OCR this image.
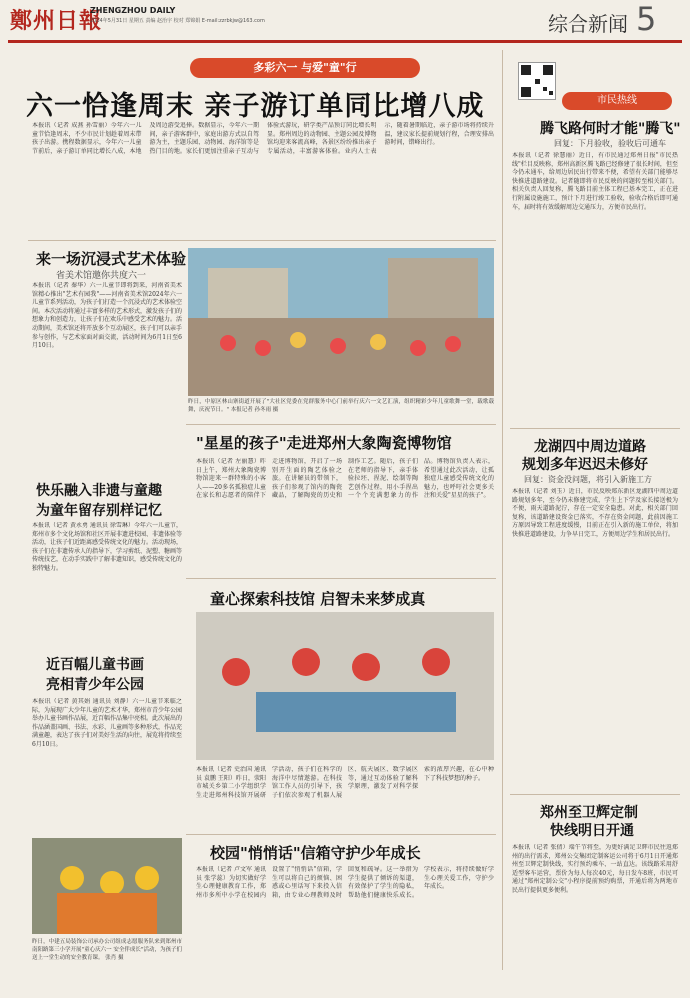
鄭州日報
ZHENGZHOU DAILY
2024年5月31日 星期五 责编 赵治宇 校对 郑锦娟 E-mail:zzrbkjw@163.com	综合新闻 5
多彩六一 与爱"童"行
六一恰逢周末 亲子游订单同比增八成
本报讯（记者 成燕 孙雪丽）今年六一儿童节恰逢周末，不少市民计划趁着周末带孩子出游。携程数据显示，今年六一儿童节前后，亲子游订单同比增长八成，本地及周边游受追捧。数据显示，今年六一期间，亲子游客群中，家庭出游方式以自驾游为主，主题乐园、动物园、海洋馆等是热门目的地。家长们更加注重亲子互动与体验式游玩，研学类产品预订同比增长明显。郑州周边的动物园、主题公园及博物馆均迎来客流高峰，各景区纷纷推出亲子专属活动，丰富游客体验。业内人士表示，随着暑期临近，亲子游市场将持续升温，建议家长提前规划行程，合理安排出游时间，错峰出行。
来一场沉浸式艺术体验
省美术馆邀你共度六一
本报讯（记者 秦华）六一儿童节即将到来，河南省美术馆精心推出"艺术有园我"——河南省美术馆2024年六一儿童节系列活动，为孩子们打造一个沉浸式的艺术体验空间。本次活动将通过丰富多样的艺术形式，激发孩子们的想象力和创造力，让孩子们在欢乐中感受艺术的魅力。活动期间，美术馆还将开放多个互动展区，孩子们可以亲手参与创作，与艺术家面对面交流，活动时间为6月1日至6月10日。
昨日，中原区林山寨街道开展了"大社区党委在党群服务中心门前举行庆六一文艺汇演，组织精彩少年儿童歌舞一堂，载歌载舞，庆祝节日。" 本报记者 孙冬雨 摄
快乐融入非遗与童趣
为童年留存别样记忆
本报讯（记者 黄永勇 通讯员 徐雪琳）今年六一儿童节，郑州市多个文化场馆和社区开展非遗进校园、非遗体验等活动，让孩子们近距离感受传统文化的魅力。活动现场，孩子们在非遗传承人的指导下，学习剪纸、泥塑、糖画等传统技艺，在动手实践中了解非遗知识，感受传统文化的独特魅力。
近百幅儿童书画
亮相青少年公园
本报讯（记者 黄其娟 通讯员 刘静）六一儿童节来临之际，为展现广大少年儿童的艺术才华，郑州市青少年公园举办儿童书画作品展，近百幅作品集中亮相。此次展出的作品涵盖国画、书法、水彩、儿童画等多种形式，作品充满童趣，表达了孩子们对美好生活的向往，展览将持续至6月10日。
昨日，中建五局装饰公司承办公司组成志愿服务队来到郑州市南阳路第三小学开展"童心庆六一 安全伴成长"活动，为孩子们送上一堂生动的安全教育课。 张肖 摄
"星星的孩子"走进郑州大象陶瓷博物馆
本报讯（记者 左丽慧）昨日上午，郑州大象陶瓷博物馆迎来一群特殊的小客人——20多名孤独症儿童在家长和志愿者的陪伴下走进博物馆，开启了一场别开生面的陶艺体验之旅。在讲解员的带领下，孩子们参观了馆内的陶瓷藏品，了解陶瓷的历史和制作工艺。随后，孩子们在老师的指导下，亲手体验拉坯、捏泥、绘制等陶艺创作过程，用小手捏出一个个充满想象力的作品。博物馆负责人表示，希望通过此次活动，让孤独症儿童感受传统文化的魅力，也呼吁社会更多关注和关爱"星星的孩子"。
童心探索科技馆 启智未来梦成真
本报讯（记者 史治国 通讯员 袁鹏 王阳）昨日，荥阳市城关乡第二小学组织学生走进郑州科技馆开展研学活动，孩子们在科学的海洋中尽情遨游。在科技馆工作人员的引导下，孩子们依次参观了机器人展区、航天展区、数学展区等，通过互动体验了解科学原理，激发了对科学探索的浓厚兴趣，在心中种下了科技梦想的种子。
校园"悄悄话"信箱守护少年成长
本报讯（记者 卢文军 通讯员 张学蕊）为切实做好学生心理健康教育工作，郑州市多所中小学在校园内设置了"悄悄话"信箱，学生可以将自己的烦恼、困惑或心里话写下来投入信箱，由专业心理教师及时回复和疏导。这一举措为学生提供了倾诉的渠道，有效保护了学生的隐私，帮助他们健康快乐成长。学校表示，将持续做好学生心理关爱工作，守护少年成长。
市民热线
腾飞路何时才能"腾飞"
回复：下月验收，验收后可通车
本报讯（记者 徐慧丽）近日，有市民通过郑州日报"市民热线"栏目反映称，郑州高新区腾飞路已经修建了很长时间，但至今仍未通车，给周边居民出行带来不便，希望有关部门能够尽快推进道路建设。记者随即将市民反映的问题转至相关部门。相关负责人回复称，腾飞路目前主体工程已基本完工，正在进行附属设施施工，预计下月进行竣工验收，验收合格后即可通车，届时将有效缓解周边交通压力，方便市民出行。
龙湖四中周边道路
规划多年迟迟未修好
回复：资金没问题，将引入新施工方
本报讯（记者 刘玉）近日，市民反映郑东新区龙湖四中周边道路规划多年，至今仍未修建完成，学生上下学及家长接送极为不便，雨天道路泥泞，存在一定安全隐患。对此，相关部门回复称，该道路建设资金已落实，不存在资金问题，此前因施工方原因导致工程进度缓慢，目前正在引入新的施工单位，将加快推进道路建设，力争早日完工，方便周边学生和居民出行。
郑州至卫辉定制
快线明日开通
本报讯（记者 张倩）端午节将至，为更好满足卫辉市民往返郑州的出行需求，郑州公交集团定制客运公司将于6月1日开通郑州至卫辉定制快线，实行预约乘车、一站直达。该线路采用舒适型客车运营，票价为每人每次40元，每日发车8班，市民可通过"郑州定制公交"小程序提前预约购票，开通后将为两地市民出行提供更多便利。
